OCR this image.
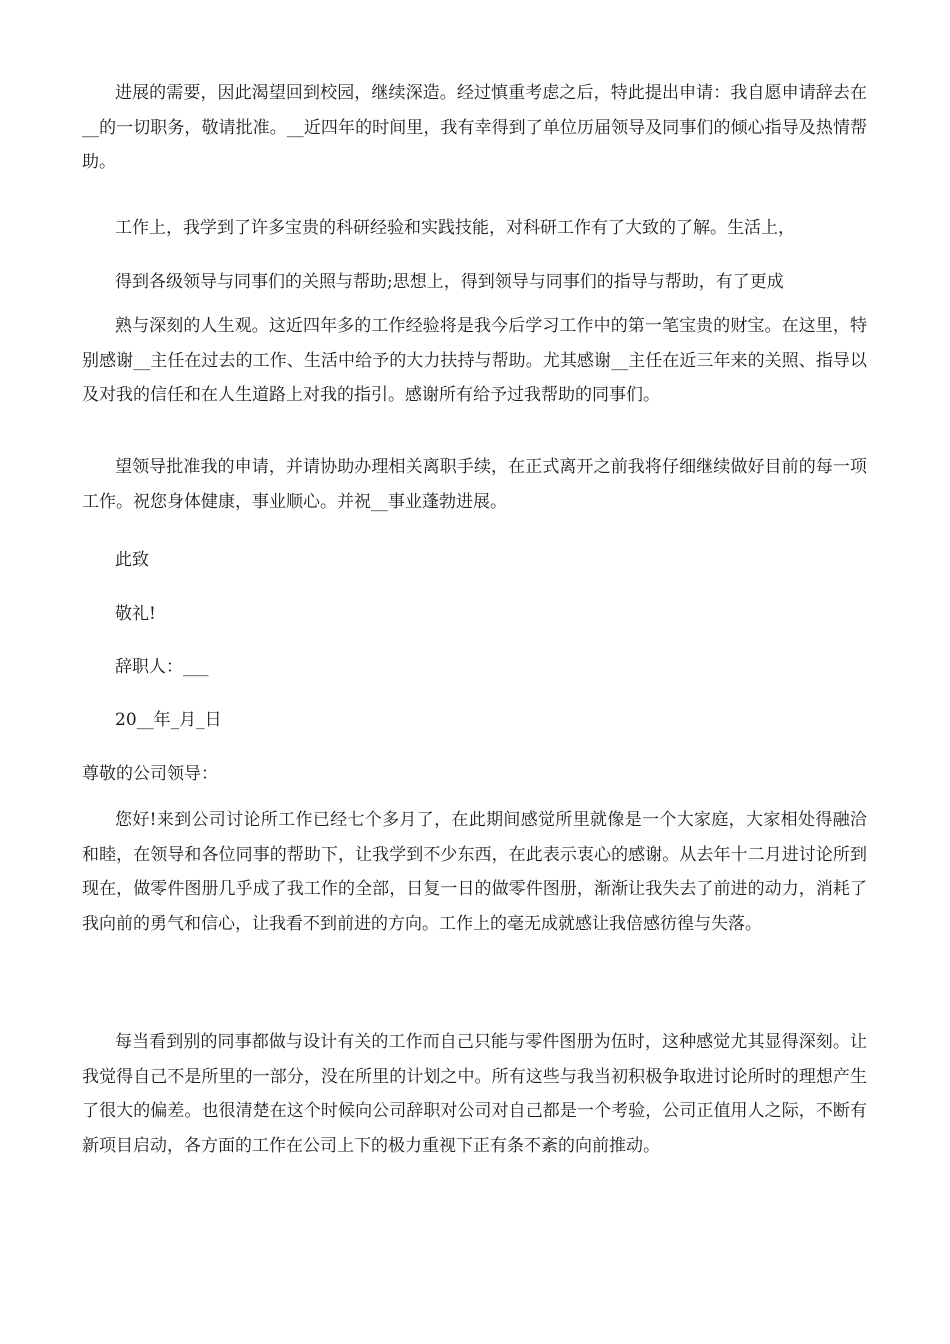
进展的需要，因此渴望回到校园，继续深造。经过慎重考虑之后，特此提出申请：我自愿申请辞去在__的一切职务，敬请批准。__近四年的时间里，我有幸得到了单位历届领导及同事们的倾心指导及热情帮助。

工作上，我学到了许多宝贵的科研经验和实践技能，对科研工作有了大致的了解。生活上，

得到各级领导与同事们的关照与帮助;思想上，得到领导与同事们的指导与帮助，有了更成

熟与深刻的人生观。这近四年多的工作经验将是我今后学习工作中的第一笔宝贵的财宝。在这里，特别感谢__主任在过去的工作、生活中给予的大力扶持与帮助。尤其感谢__主任在近三年来的关照、指导以及对我的信任和在人生道路上对我的指引。感谢所有给予过我帮助的同事们。

望领导批准我的申请，并请协助办理相关离职手续，在正式离开之前我将仔细继续做好目前的每一项工作。祝您身体健康，事业顺心。并祝__事业蓬勃进展。

此致

敬礼!

辞职人：___

20__年_月_日

尊敬的公司领导：

您好!来到公司讨论所工作已经七个多月了，在此期间感觉所里就像是一个大家庭，大家相处得融洽和睦，在领导和各位同事的帮助下，让我学到不少东西，在此表示衷心的感谢。从去年十二月进讨论所到现在，做零件图册几乎成了我工作的全部，日复一日的做零件图册，渐渐让我失去了前进的动力，消耗了我向前的勇气和信心，让我看不到前进的方向。工作上的毫无成就感让我倍感彷徨与失落。

每当看到别的同事都做与设计有关的工作而自己只能与零件图册为伍时，这种感觉尤其显得深刻。让我觉得自己不是所里的一部分，没在所里的计划之中。所有这些与我当初积极争取进讨论所时的理想产生了很大的偏差。也很清楚在这个时候向公司辞职对公司对自己都是一个考验，公司正值用人之际，不断有新项目启动，各方面的工作在公司上下的极力重视下正有条不紊的向前推动。
